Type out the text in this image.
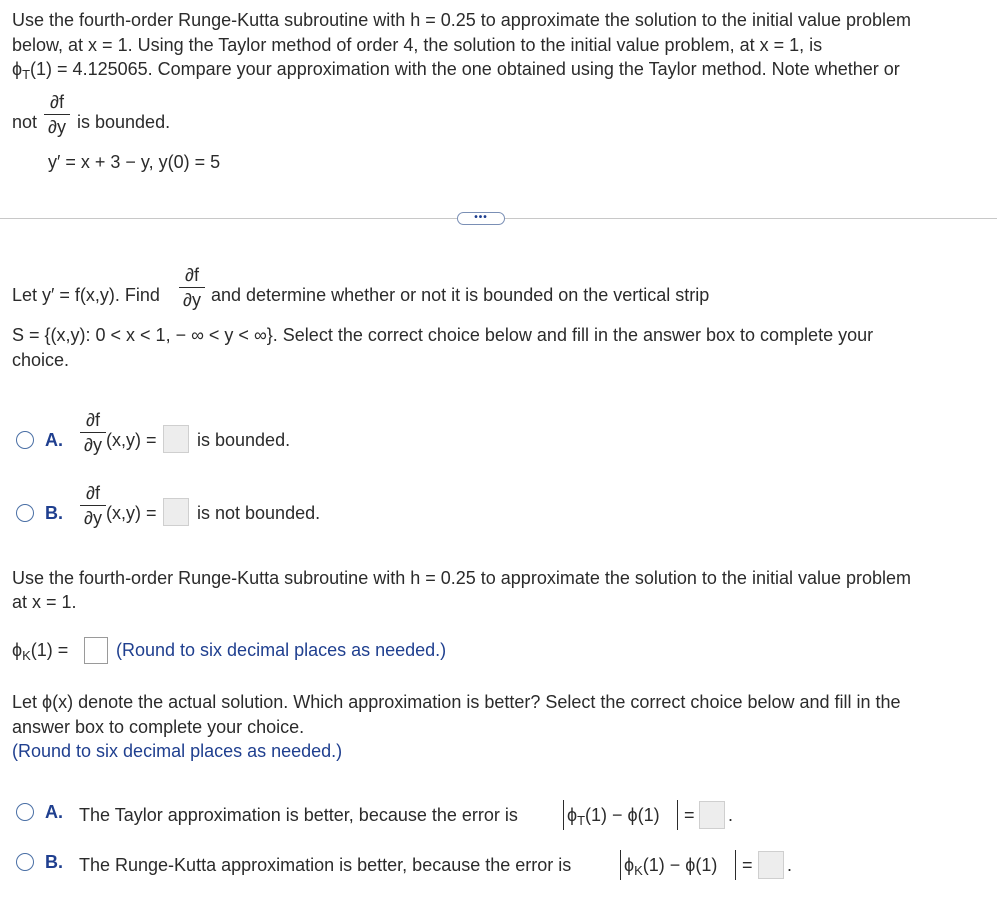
Use the fourth-order Runge-Kutta subroutine with h = 0.25 to approximate the solution to the initial value problem
below, at x = 1. Using the Taylor method of order 4, the solution to the initial value problem, at x = 1, is
$\phi_T(1) = 4.125065$. Compare your approximation with the one obtained using the Taylor method. Note whether or
not
∂f
∂y is bounded.
y′ = x + 3 − y, y(0) = 5
•••
Let y′ = f(x,y). Find
∂f
∂y and determine whether or not it is bounded on the vertical strip
S = {(x,y): 0 < x < 1, − ∞ < y < ∞}. Select the correct choice below and fill in the answer box to complete your
choice.
A.
∂f
∂y (x,y) = is bounded.
B.
∂f
∂y (x,y) = is not bounded.
Use the fourth-order Runge-Kutta subroutine with h = 0.25 to approximate the solution to the initial value problem
at x = 1.
$\phi_K(1)$ =	(Round to six decimal places as needed.)
Let ϕ(x) denote the actual solution. Which approximation is better? Select the correct choice below and fill in the
answer box to complete your choice.
(Round to six decimal places as needed.)
A. The Taylor approximation is better, because the error is	$\phi_T(1) - \phi(1)$ = .
B. The Runge-Kutta approximation is better, because the error is	$\phi_K(1) - \phi(1)$ = .
